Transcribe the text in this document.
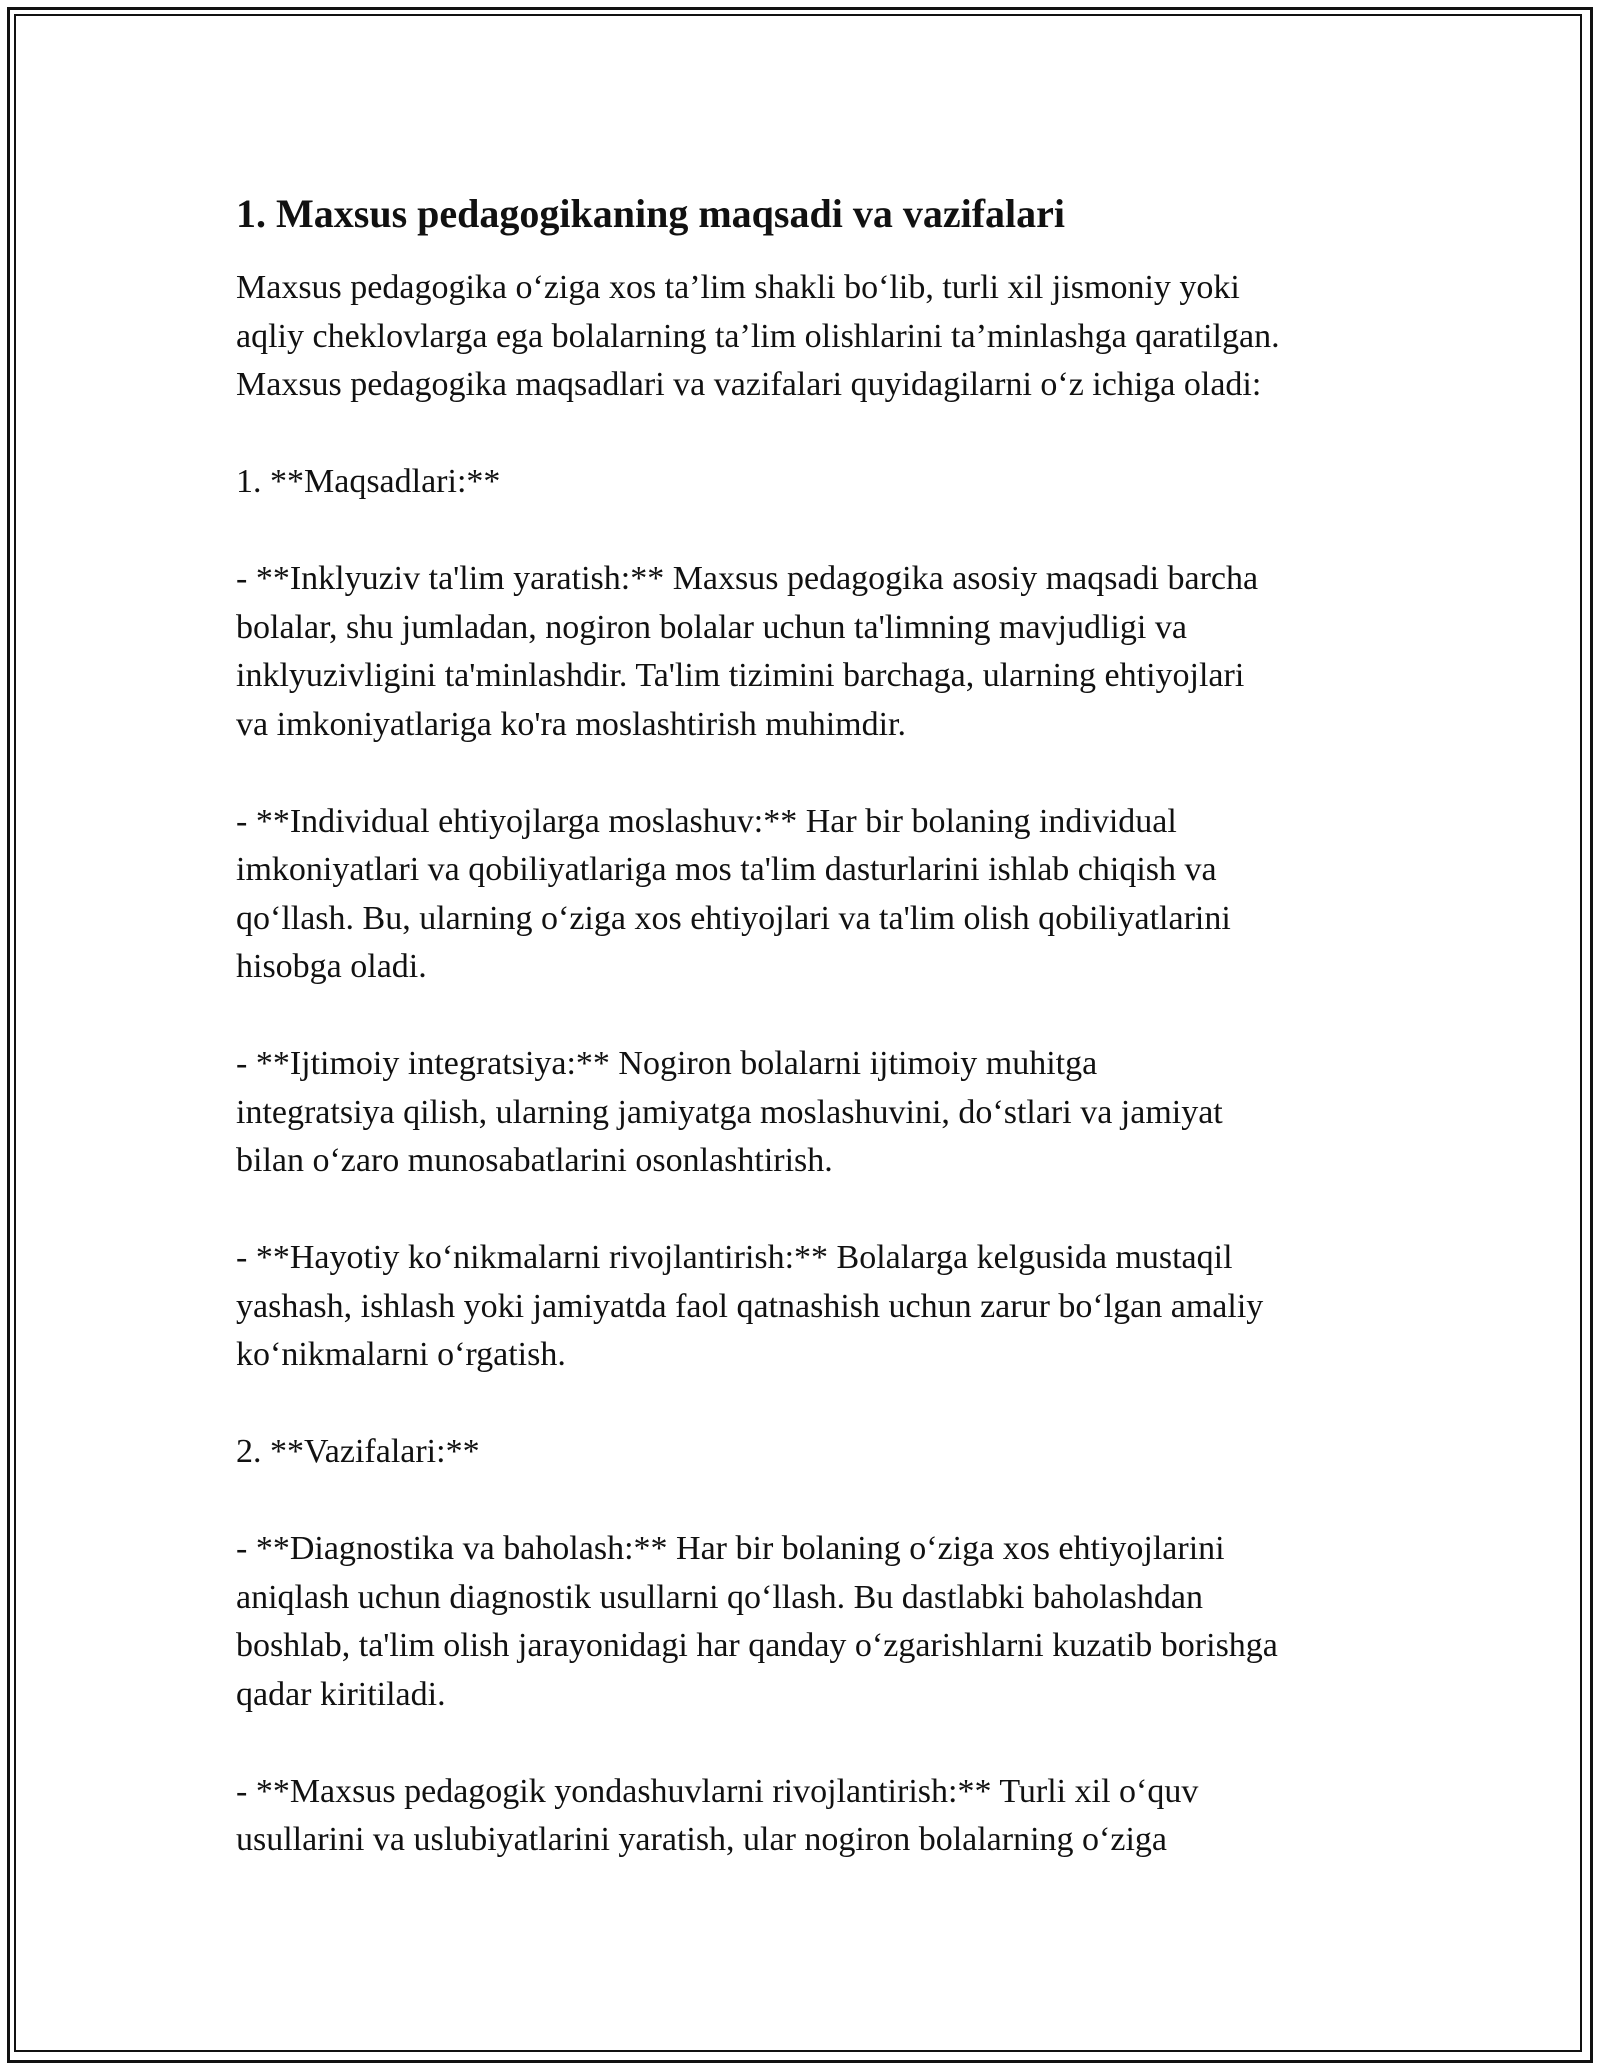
1. Maxsus pedagogikaning maqsadi va vazifalari
Maxsus pedagogika o‘ziga xos ta’lim shakli bo‘lib, turli xil jismoniy yoki
aqliy cheklovlarga ega bolalarning ta’lim olishlarini ta’minlashga qaratilgan.
Maxsus pedagogika maqsadlari va vazifalari quyidagilarni o‘z ichiga oladi:
1. **Maqsadlari:**
- **Inklyuziv ta'lim yaratish:** Maxsus pedagogika asosiy maqsadi barcha
bolalar, shu jumladan, nogiron bolalar uchun ta'limning mavjudligi va
inklyuzivligini ta'minlashdir. Ta'lim tizimini barchaga, ularning ehtiyojlari
va imkoniyatlariga ko'ra moslashtirish muhimdir.
- **Individual ehtiyojlarga moslashuv:** Har bir bolaning individual
imkoniyatlari va qobiliyatlariga mos ta'lim dasturlarini ishlab chiqish va
qo‘llash. Bu, ularning o‘ziga xos ehtiyojlari va ta'lim olish qobiliyatlarini
hisobga oladi.
- **Ijtimoiy integratsiya:** Nogiron bolalarni ijtimoiy muhitga
integratsiya qilish, ularning jamiyatga moslashuvini, do‘stlari va jamiyat
bilan o‘zaro munosabatlarini osonlashtirish.
- **Hayotiy ko‘nikmalarni rivojlantirish:** Bolalarga kelgusida mustaqil
yashash, ishlash yoki jamiyatda faol qatnashish uchun zarur bo‘lgan amaliy
ko‘nikmalarni o‘rgatish.
2. **Vazifalari:**
- **Diagnostika va baholash:** Har bir bolaning o‘ziga xos ehtiyojlarini
aniqlash uchun diagnostik usullarni qo‘llash. Bu dastlabki baholashdan
boshlab, ta'lim olish jarayonidagi har qanday o‘zgarishlarni kuzatib borishga
qadar kiritiladi.
- **Maxsus pedagogik yondashuvlarni rivojlantirish:** Turli xil o‘quv
usullarini va uslubiyatlarini yaratish, ular nogiron bolalarning o‘ziga
